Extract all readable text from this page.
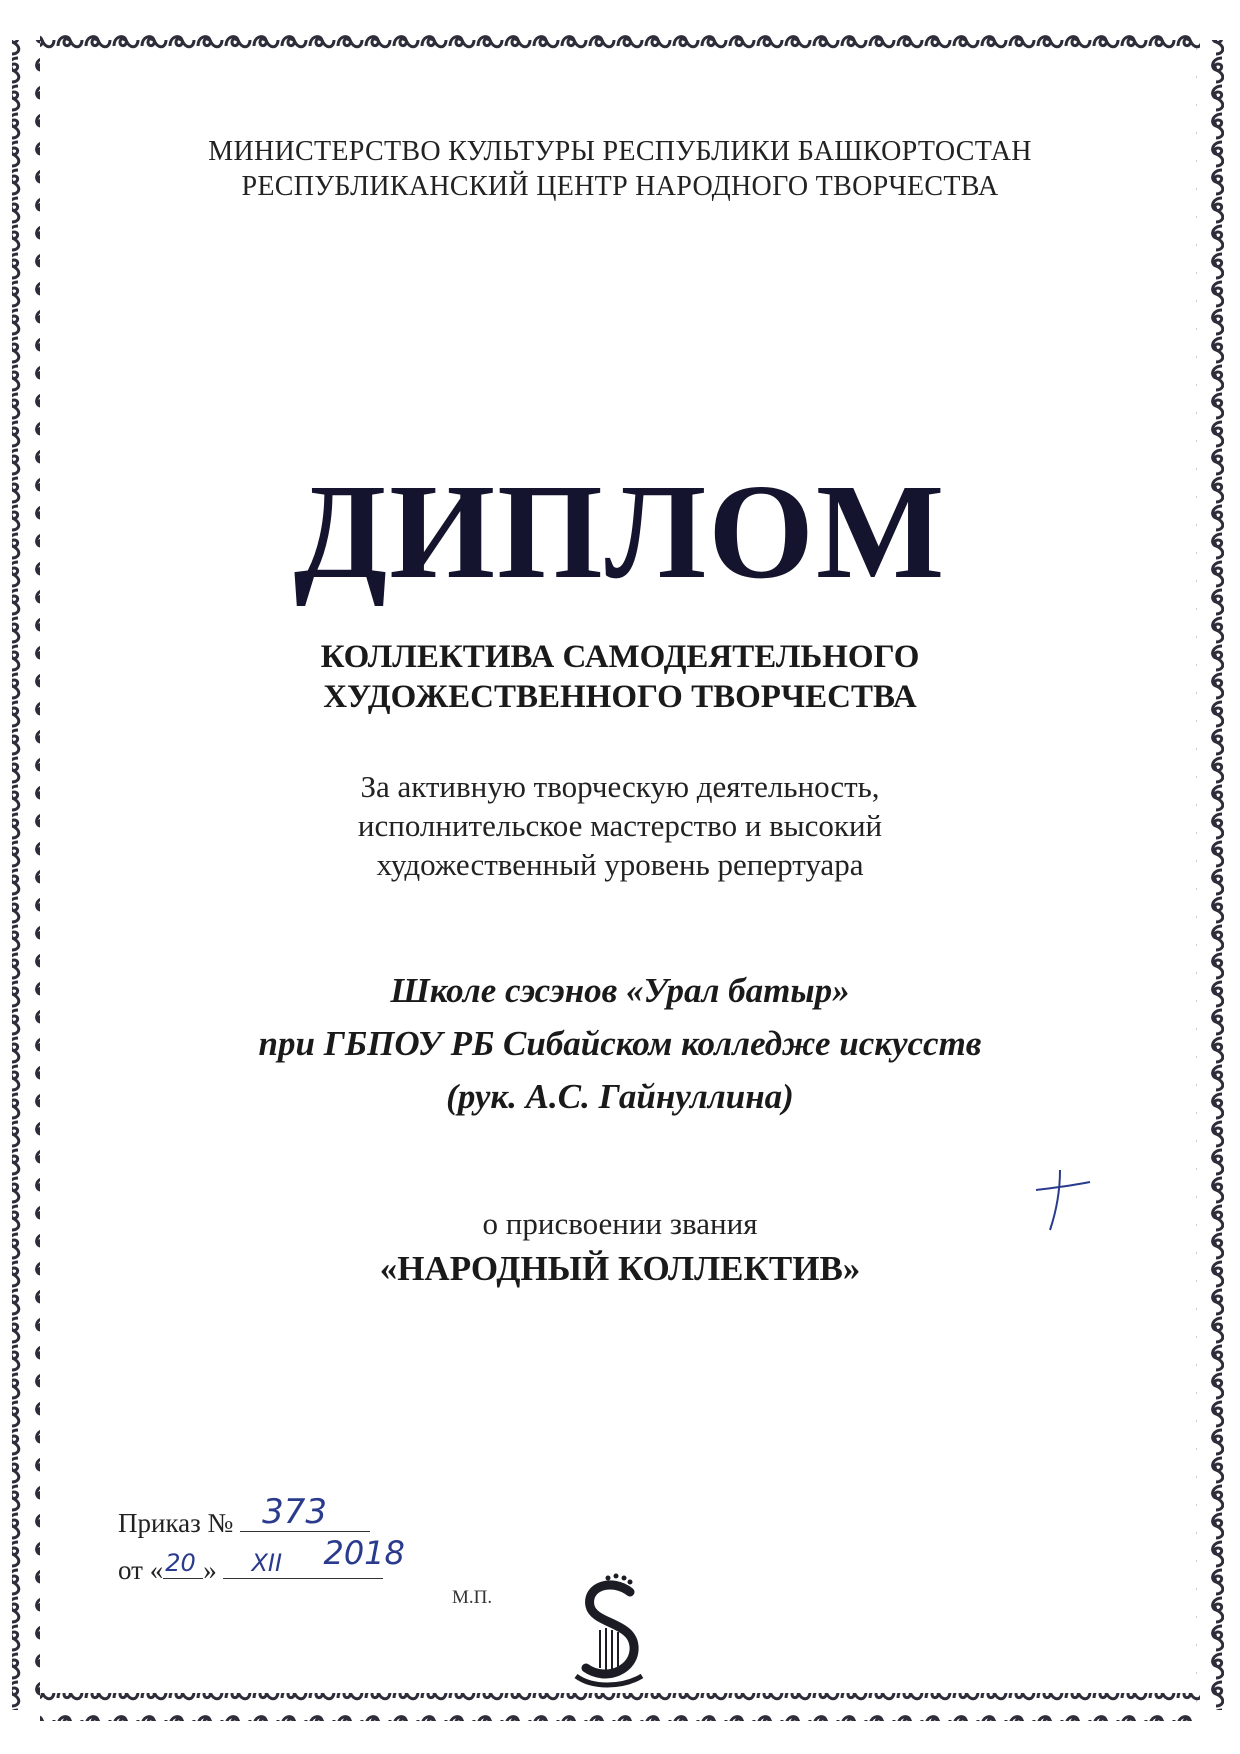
МИНИСТЕРСТВО КУЛЬТУРЫ РЕСПУБЛИКИ БАШКОРТОСТАН
РЕСПУБЛИКАНСКИЙ ЦЕНТР НАРОДНОГО ТВОРЧЕСТВА
ДИПЛОМ
КОЛЛЕКТИВА САМОДЕЯТЕЛЬНОГО
ХУДОЖЕСТВЕННОГО ТВОРЧЕСТВА
За активную творческую деятельность,
исполнительское мастерство и высокий
художественный уровень репертуара
Школе сэсэнов «Урал батыр»
при ГБПОУ РБ Сибайском колледже искусств
(рук. А.С. Гайнуллина)
о присвоении звания
«НАРОДНЫЙ КОЛЛЕКТИВ»
Приказ № 373
от « 20 » XII 2018
М.П.
